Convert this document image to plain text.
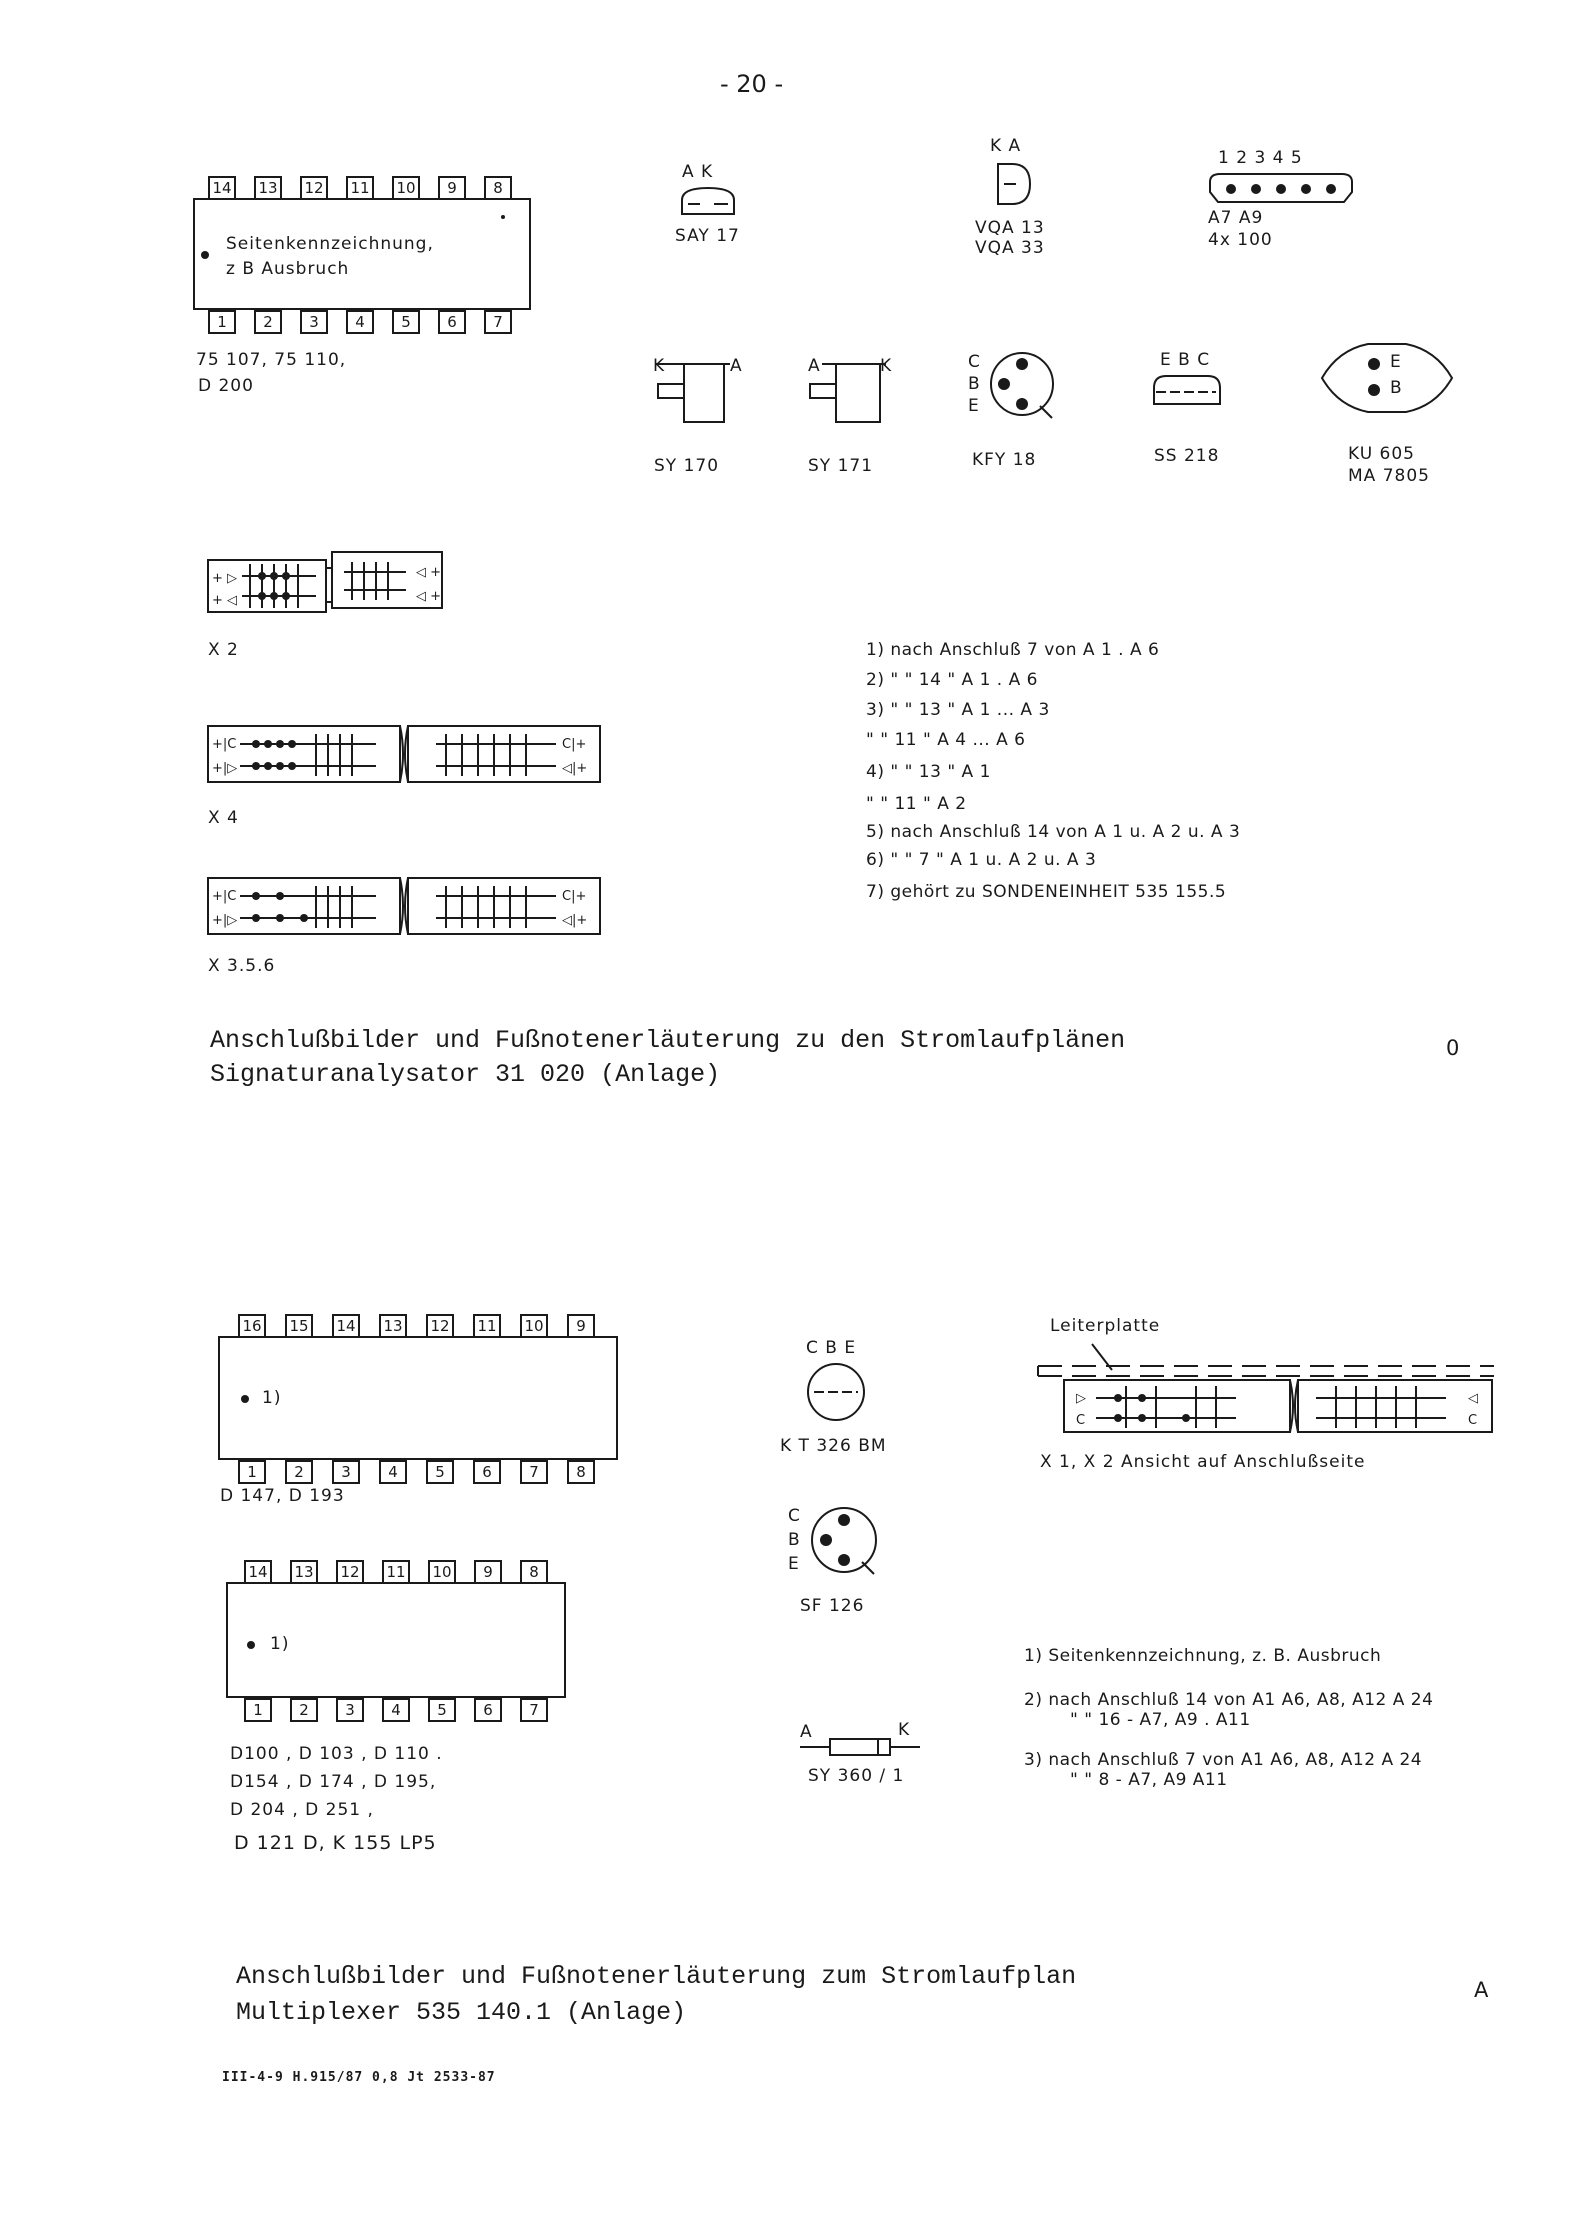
- 20 -
14 13 12 11 10	9	8
1	2	3	4	5	6	7
Seitenkennzeichnung,
z B Ausbruch
75 107, 75 110,
D 200
A K
SAY 17
K A
VQA 13
VQA 33
1 2 3 4 5
A7 A9
4x 100
K	A
SY 170
A	K
SY 171
C
B
E
KFY 18
E B C
SS 218
E
B
KU 605
MA 7805
+ ▷
+ ◁
◁ +
◁ +
X 2
+|C
+|▷
C|+
◁|+
X 4
+|C
+|▷
C|+
◁|+
X 3.5.6
1) nach Anschluß 7 von A 1 . A 6
2) " " 14 " A 1 . A 6
3) " " 13 " A 1 ... A 3
" " 11 " A 4 ... A 6
4) " " 13 " A 1
" " 11 " A 2
5) nach Anschluß 14 von A 1 u. A 2 u. A 3
6) " " 7 " A 1 u. A 2 u. A 3
7) gehört zu SONDENEINHEIT 535 155.5
Anschlußbilder und Fußnotenerläuterung zu den Stromlaufplänen
Signaturanalysator 31 020 (Anlage)
0
16 15 14 13 12 11 10	9
1	2	3	4	5	6	7	8
1)
D 147, D 193
14 13 12 11 10	9	8
1	2	3	4	5	6	7
1)
D100 , D 103 , D 110 .
D154 , D 174 , D 195,
D 204 , D 251 ,
D 121 D, K 155 LP5
C B E
K T 326 BM
C
B
E
SF 126
A	K
SY 360 / 1
Leiterplatte
▷
C
◁
C
X 1, X 2 Ansicht auf Anschlußseite
1) Seitenkennzeichnung, z. B. Ausbruch
2) nach Anschluß 14 von A1 A6, A8, A12 A 24
" " 16 - A7, A9 . A11
3) nach Anschluß 7 von A1 A6, A8, A12 A 24
" " 8 - A7, A9 A11
Anschlußbilder und Fußnotenerläuterung zum Stromlaufplan
Multiplexer 535 140.1 (Anlage)
A
III-4-9 H.915/87 0,8 Jt 2533-87
